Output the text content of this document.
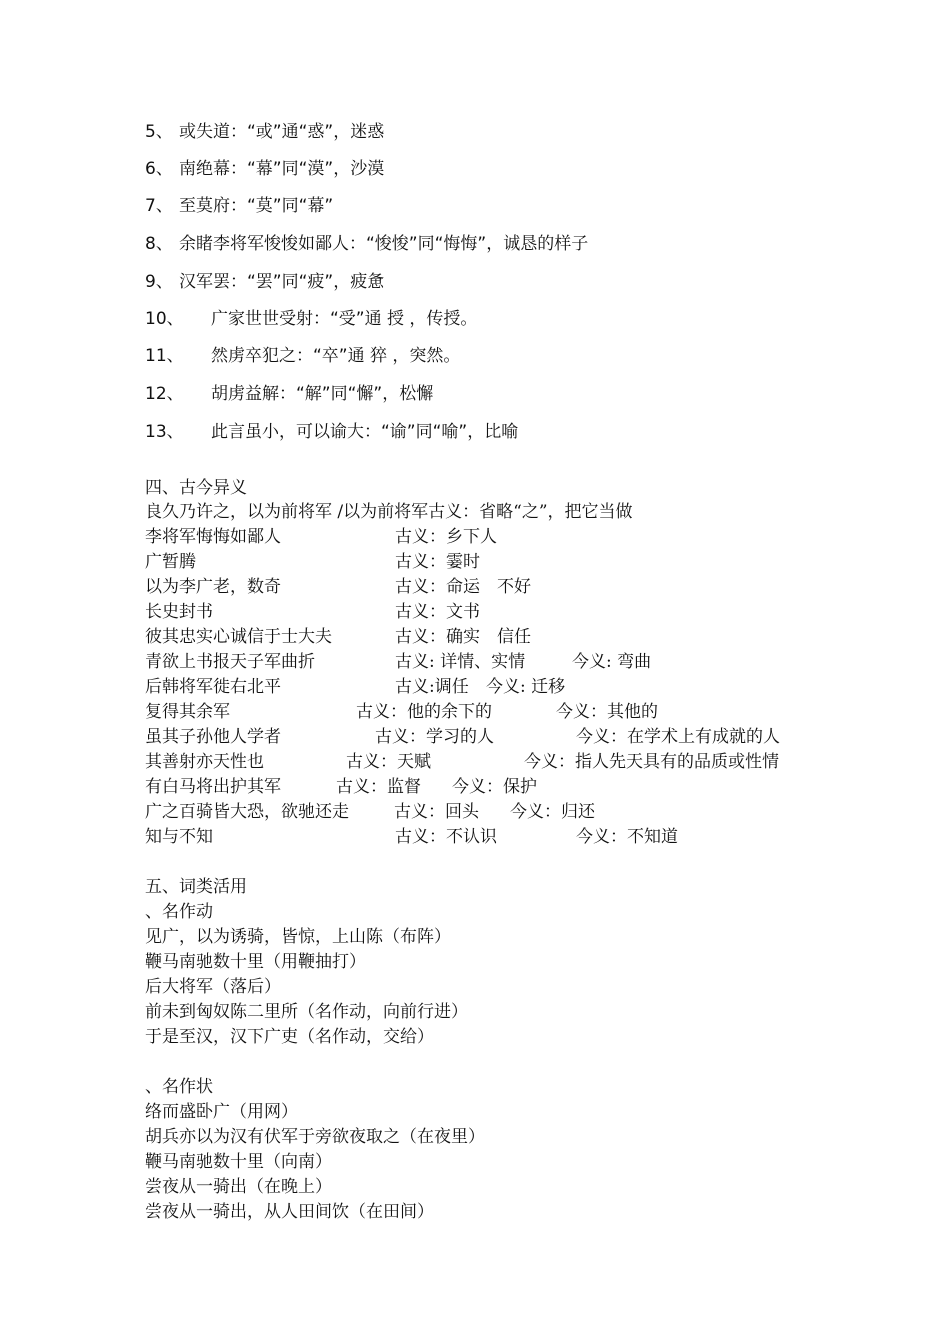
5、 或失道：“或”通“惑”，迷惑
6、 南绝幕：“幕”同“漠”，沙漠
7、 至莫府：“莫”同“幕”
8、 余睹李将军悛悛如鄙人：“悛悛”同“悔悔”，诚恳的样子
9、 汉军罢：“罢”同“疲”，疲惫
10、 广家世世受射：“受”通 授 ，传授。
11、 然虏卒犯之：“卒”通 猝 ，突然。
12、 胡虏益解：“解”同“懈”，松懈
13、 此言虽小，可以谕大：“谕”同“喻”，比喻
四、古今异义
良久乃许之，以为前将军 /以为前将军古义：省略“之”，把它当做
李将军悔悔如鄙人	古义：乡下人
广暂腾	古义：霎时
以为李广老，数奇	古义：命运　不好
长史封书	古义：文书
彼其忠实心诚信于士大夫	古义：确实　信任
青欲上书报天子军曲折	古义: 详情、实情	今义: 弯曲
后韩将军徙右北平	古义:调任 今义: 迁移
复得其余军	古义：他的余下的	今义：其他的
虽其子孙他人学者	古义：学习的人	今义：在学术上有成就的人
其善射亦天性也	古义：天赋	今义：指人先天具有的品质或性情
有白马将出护其军	古义：监督 今义：保护
广之百骑皆大恐，欲驰还走	古义：回头 今义：归还
知与不知	古义：不认识	今义：不知道
五、词类活用
、名作动
见广，以为诱骑，皆惊，上山陈（布阵）
鞭马南驰数十里（用鞭抽打）
后大将军（落后）
前未到匈奴陈二里所（名作动，向前行进）
于是至汉，汉下广吏（名作动，交给）
、名作状
络而盛卧广（用网）
胡兵亦以为汉有伏军于旁欲夜取之（在夜里）
鞭马南驰数十里（向南）
尝夜从一骑出（在晚上）
尝夜从一骑出，从人田间饮（在田间）
